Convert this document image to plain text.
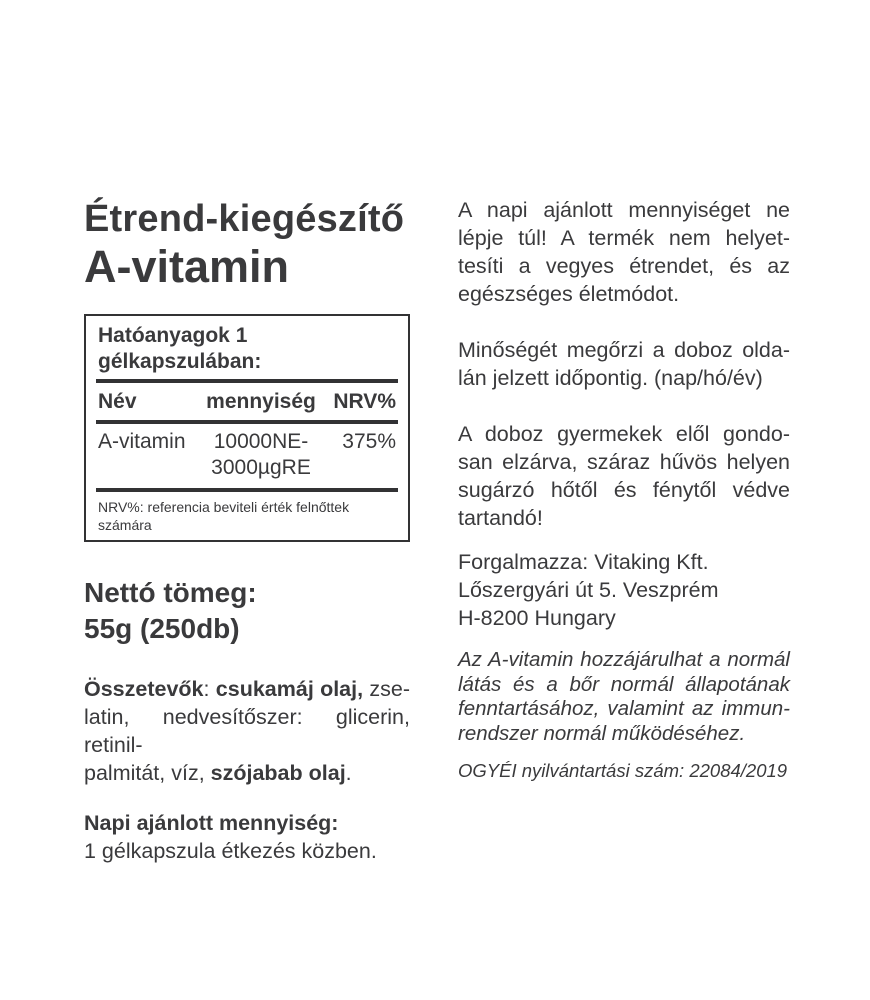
Étrend-kiegészítő
A-vitamin
Hatóanyagok 1 gélkapszulában:
Név	mennyiség NRV%
A-vitamin	10000NE-
3000µgRE
375%
NRV%: referencia beviteli érték felnőttek számára
Nettó tömeg:
55g (250db)
Összetevők: csukamáj olaj, zse-
latin, nedvesítőszer: glicerin, retinil-
palmitát, víz, szójabab olaj.
Napi ajánlott mennyiség:
1 gélkapszula étkezés közben.
A napi ajánlott mennyiséget ne
lépje túl! A termék nem helyet-
tesíti a vegyes étrendet, és az
egészséges életmódot.
Minőségét megőrzi a doboz olda-
lán jelzett időpontig. (nap/hó/év)
A doboz gyermekek elől gondo-
san elzárva, száraz hűvös helyen
sugárzó hőtől és fénytől védve
tartandó!
Forgalmazza: Vitaking Kft.
Lőszergyári út 5. Veszprém
H-8200 Hungary
Az A-vitamin hozzájárulhat a normál
látás és a bőr normál állapotának
fenntartásához, valamint az immun-
rendszer normál működéséhez.
OGYÉI nyilvántartási szám: 22084/2019
